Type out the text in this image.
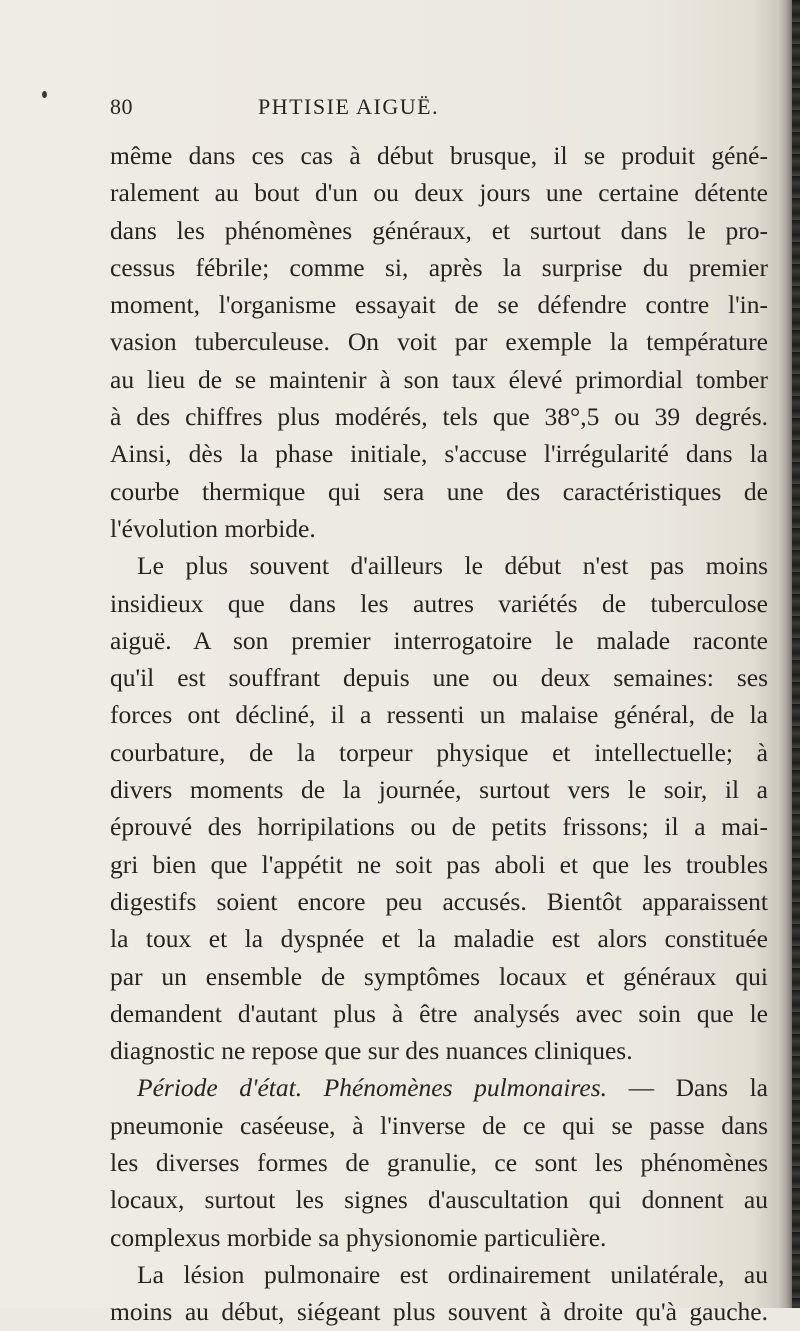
80	PHTISIE AIGUË.
même dans ces cas à début brusque, il se produit géné-
ralement au bout d'un ou deux jours une certaine détente
dans les phénomènes généraux, et surtout dans le pro-
cessus fébrile; comme si, après la surprise du premier
moment, l'organisme essayait de se défendre contre l'in-
vasion tuberculeuse. On voit par exemple la température
au lieu de se maintenir à son taux élevé primordial tomber
à des chiffres plus modérés, tels que 38°,5 ou 39 degrés.
Ainsi, dès la phase initiale, s'accuse l'irrégularité dans la
courbe thermique qui sera une des caractéristiques de
l'évolution morbide.
Le plus souvent d'ailleurs le début n'est pas moins
insidieux que dans les autres variétés de tuberculose
aiguë. A son premier interrogatoire le malade raconte
qu'il est souffrant depuis une ou deux semaines: ses
forces ont décliné, il a ressenti un malaise général, de la
courbature, de la torpeur physique et intellectuelle; à
divers moments de la journée, surtout vers le soir, il a
éprouvé des horripilations ou de petits frissons; il a mai-
gri bien que l'appétit ne soit pas aboli et que les troubles
digestifs soient encore peu accusés. Bientôt apparaissent
la toux et la dyspnée et la maladie est alors constituée
par un ensemble de symptômes locaux et généraux qui
demandent d'autant plus à être analysés avec soin que le
diagnostic ne repose que sur des nuances cliniques.
Période d'état. Phénomènes pulmonaires. — Dans la
pneumonie caséeuse, à l'inverse de ce qui se passe dans
les diverses formes de granulie, ce sont les phénomènes
locaux, surtout les signes d'auscultation qui donnent au
complexus morbide sa physionomie particulière.
La lésion pulmonaire est ordinairement unilatérale, au
moins au début, siégeant plus souvent à droite qu'à gauche.
